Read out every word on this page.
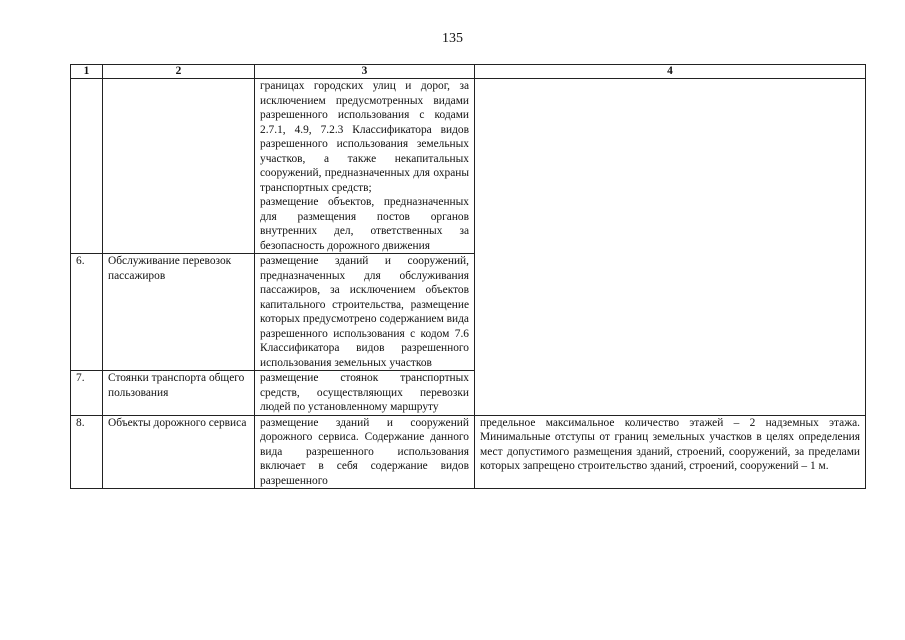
135
1	2	3	4

		границах городских улиц и дорог, за исключением предусмотренных видами разрешенного использования с кодами 2.7.1, 4.9, 7.2.3 Классификатора видов разрешенного использования земельных участков, а также некапитальных сооружений, предназначенных для охраны транспортных средств;
размещение объектов, предназначенных для размещения постов органов внутренних дел, ответственных за безопасность дорожного движения	

6.	Обслуживание перевозок пассажиров	размещение зданий и сооружений, предназначенных для обслуживания пассажиров, за исключением объектов капитального строительства, размещение которых предусмотрено содержанием вида разрешенного использования с кодом 7.6 Классификатора видов разрешенного использования земельных участков	

7.	Стоянки транспорта общего пользования	размещение стоянок транспортных средств, осуществляющих перевозки людей по установленному маршруту	

8.	Объекты дорожного сервиса	размещение зданий и сооружений дорожного сервиса. Содержание данного вида разрешенного использования включает в себя содержание видов разрешенного	предельное максимальное количество этажей – 2 надземных этажа. Минимальные отступы от границ земельных участков в целях определения мест допустимого размещения зданий, строений, сооружений, за пределами которых запрещено строительство зданий, строений, сооружений – 1 м.
